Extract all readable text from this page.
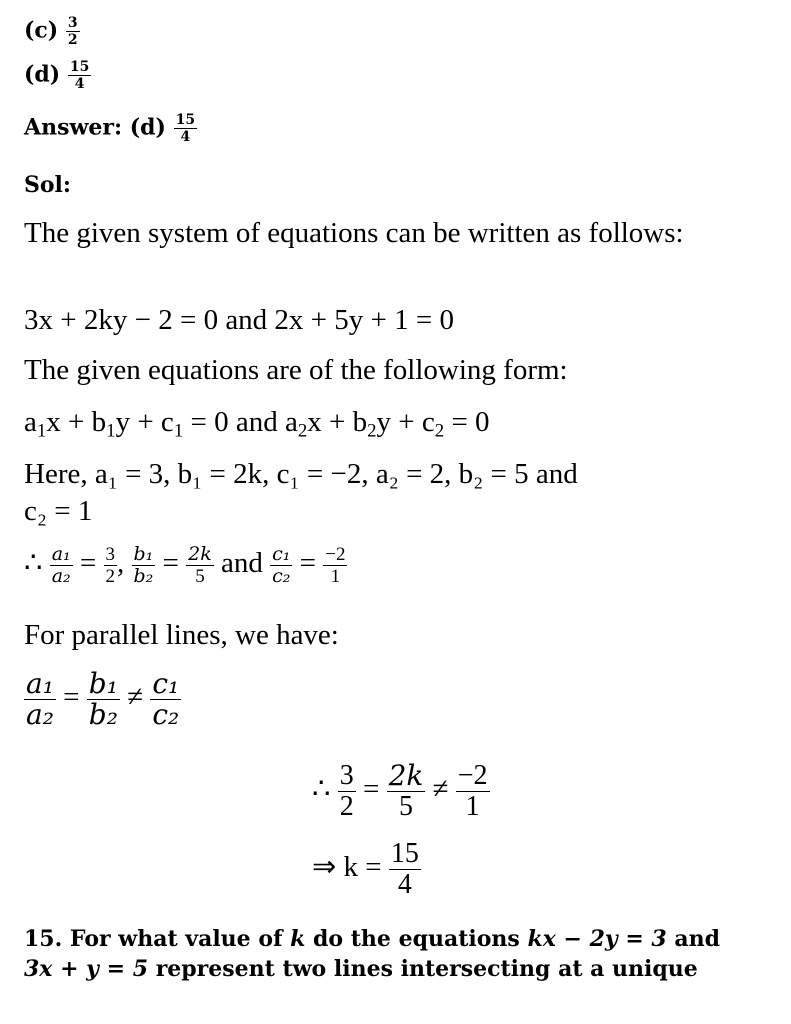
$(c) \frac{3}{2}$
$(d) \frac{15}{4}$
Answer: $(d) \frac{15}{4}$
Sol:
The given system of equations can be written as follows:
3x + 2ky − 2 = 0 and 2x + 5y + 1 = 0
The given equations are of the following form:
$a_1x + b_1y + c_1 = 0$ and $a_2x + b_2y + c_2 = 0$
Here, a₁ = 3, b₁ = 2k, c₁ = −2, a₂ = 2, b₂ = 5 and
c₂ = 1
∴ $\frac{\text{a₁}}{\text{a₂}} = \frac{3}{2}$ , $\frac{\text{b₁}}{\text{b₂}} = \frac{2k}{5}$ and $\frac{\text{c₁}}{\text{c₂}} = \frac{-2}{1}$
For parallel lines, we have:
$\frac{\text{a₁}}{\text{a₂}} = \frac{\text{b₁}}{\text{b₂}} \ne \frac{\text{c₁}}{\text{c₂}}$
∴ $\frac{3}{2} = \frac{2k}{5} \ne \frac{-2}{1}$
⇒ $k = \frac{15}{4}$
15. For what value of k do the equations kx − 2y = 3 and
3x + y = 5 represent two lines intersecting at a unique
